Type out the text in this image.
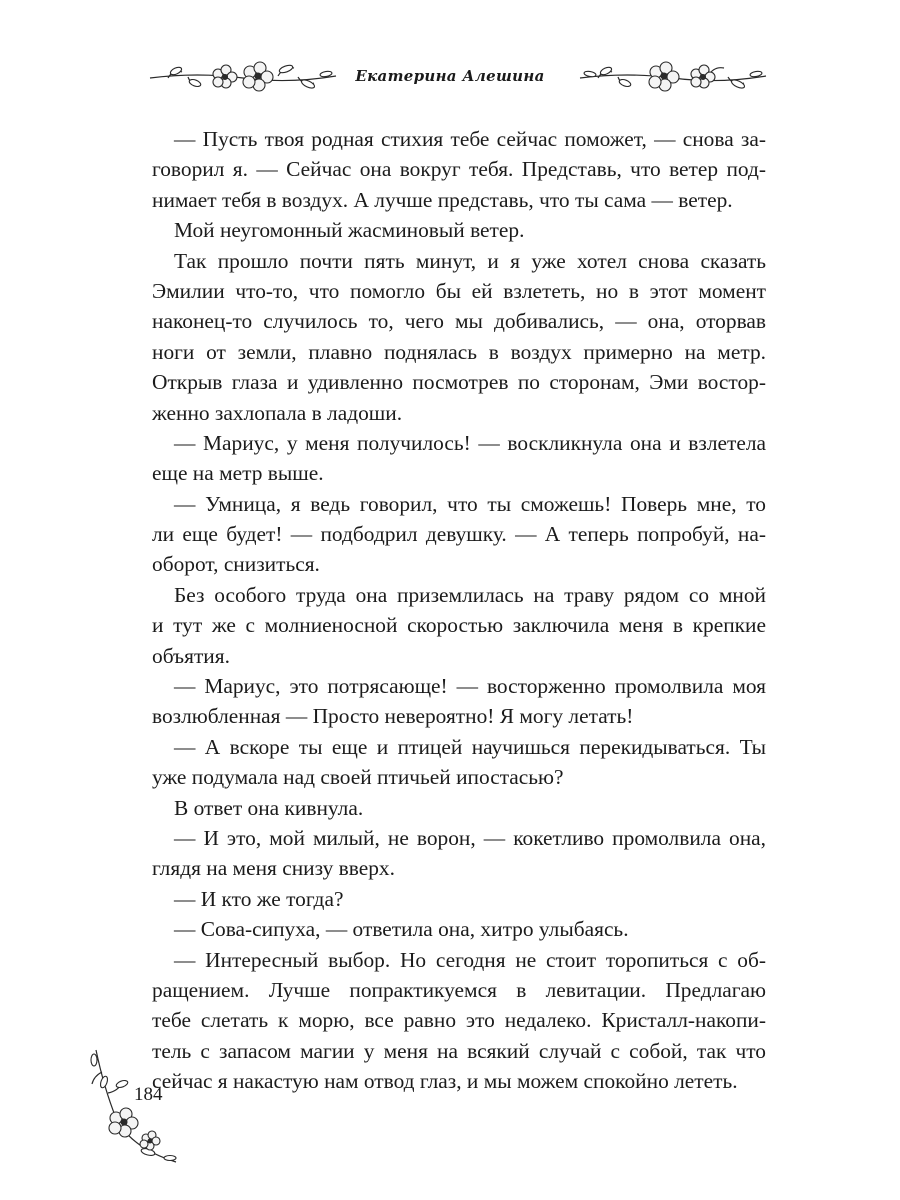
Екатерина Алешина
— Пусть твоя родная стихия тебе сейчас поможет, — снова за-
говорил я. — Сейчас она вокруг тебя. Представь, что ветер под-
нимает тебя в воздух. А лучше представь, что ты сама — ветер.
Мой неугомонный жасминовый ветер.
Так прошло почти пять минут, и я уже хотел снова сказать
Эмилии что-то, что помогло бы ей взлететь, но в этот момент
наконец-то случилось то, чего мы добивались, — она, оторвав
ноги от земли, плавно поднялась в воздух примерно на метр.
Открыв глаза и удивленно посмотрев по сторонам, Эми востор-
женно захлопала в ладоши.
— Мариус, у меня получилось! — воскликнула она и взлетела
еще на метр выше.
— Умница, я ведь говорил, что ты сможешь! Поверь мне, то
ли еще будет! — подбодрил девушку. — А теперь попробуй, на-
оборот, снизиться.
Без особого труда она приземлилась на траву рядом со мной
и тут же с молниеносной скоростью заключила меня в крепкие
объятия.
— Мариус, это потрясающе! — восторженно промолвила моя
возлюбленная — Просто невероятно! Я могу летать!
— А вскоре ты еще и птицей научишься перекидываться. Ты
уже подумала над своей птичьей ипостасью?
В ответ она кивнула.
— И это, мой милый, не ворон, — кокетливо промолвила она,
глядя на меня снизу вверх.
— И кто же тогда?
— Сова-сипуха, — ответила она, хитро улыбаясь.
— Интересный выбор. Но сегодня не стоит торопиться с об-
ращением. Лучше попрактикуемся в левитации. Предлагаю
тебе слетать к морю, все равно это недалеко. Кристалл-накопи-
тель с запасом магии у меня на всякий случай с собой, так что
сейчас я накастую нам отвод глаз, и мы можем спокойно лететь.
184
